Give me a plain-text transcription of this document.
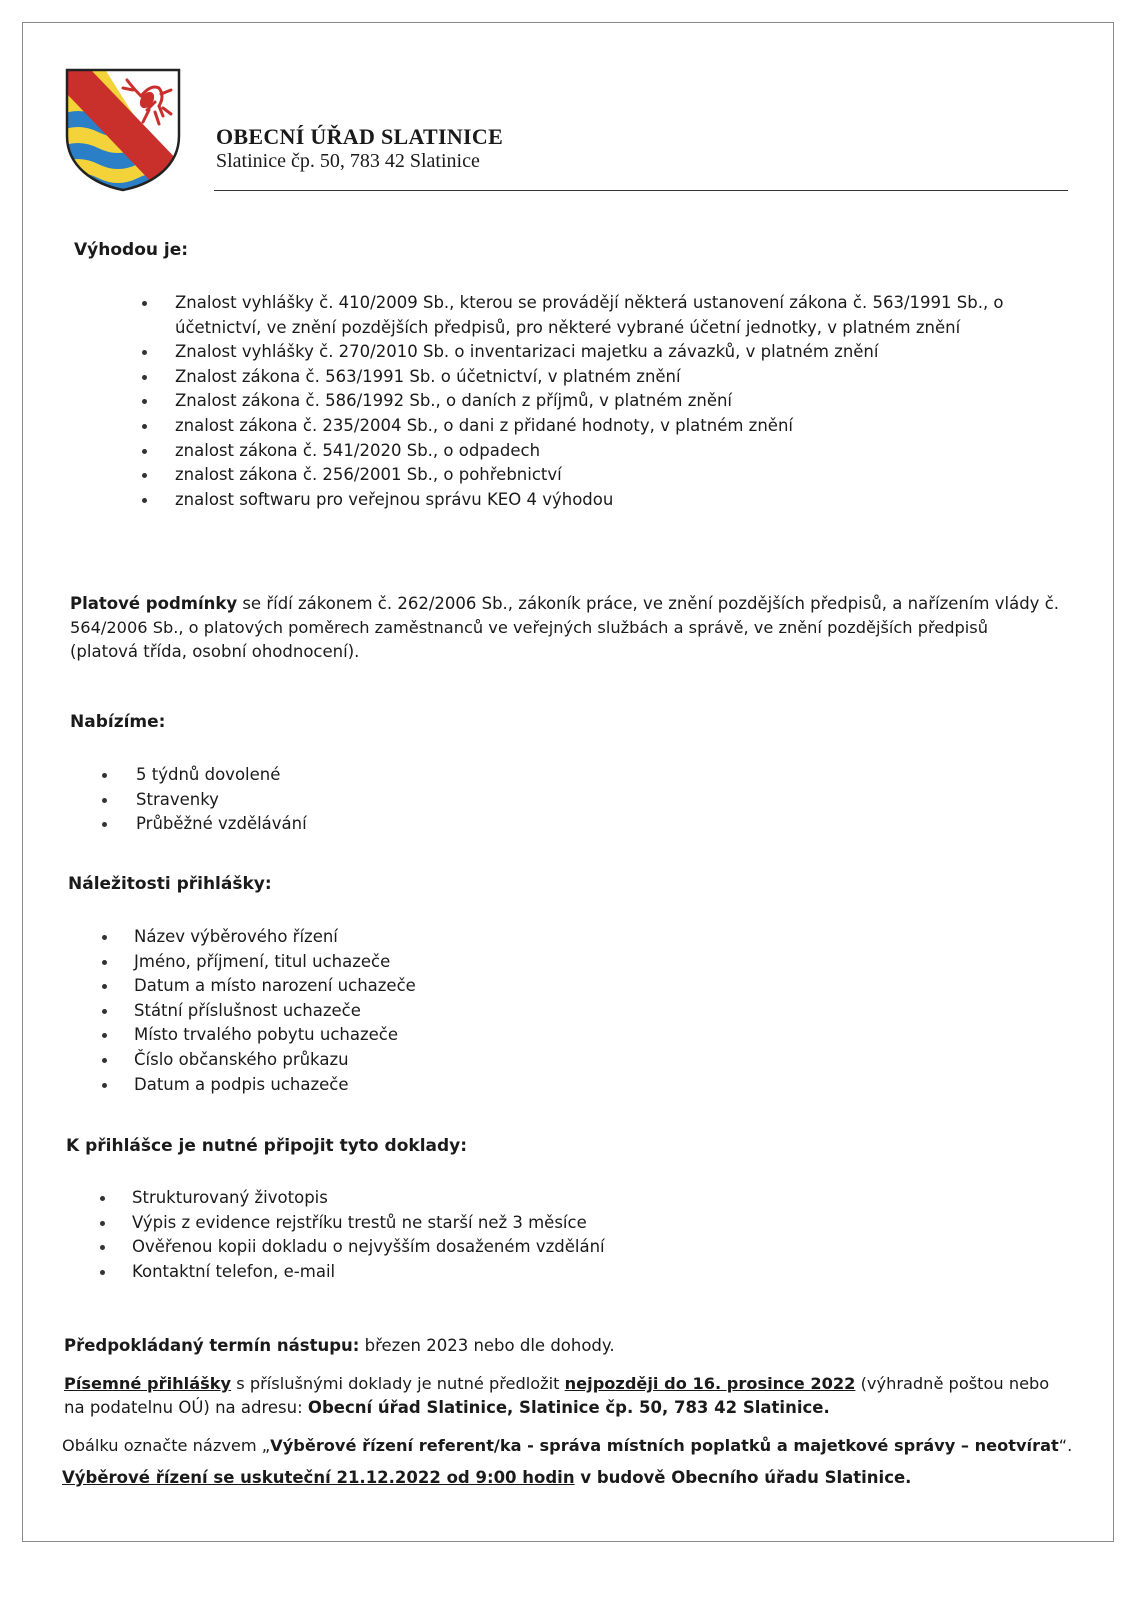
OBECNÍ ÚŘAD SLATINICE
Slatinice čp. 50, 783 42 Slatinice
Výhodou je:
Znalost vyhlášky č. 410/2009 Sb., kterou se provádějí některá ustanovení zákona č. 563/1991 Sb., o
účetnictví, ve znění pozdějších předpisů, pro některé vybrané účetní jednotky, v platném znění
Znalost vyhlášky č. 270/2010 Sb. o inventarizaci majetku a závazků, v platném znění
Znalost zákona č. 563/1991 Sb. o účetnictví, v platném znění
Znalost zákona č. 586/1992 Sb., o daních z příjmů, v platném znění
znalost zákona č. 235/2004 Sb., o dani z přidané hodnoty, v platném znění
znalost zákona č. 541/2020 Sb., o odpadech
znalost zákona č. 256/2001 Sb., o pohřebnictví
znalost softwaru pro veřejnou správu KEO 4 výhodou
Platové podmínky se řídí zákonem č. 262/2006 Sb., zákoník práce, ve znění pozdějších předpisů, a nařízením vlády č.
564/2006 Sb., o platových poměrech zaměstnanců ve veřejných službách a správě, ve znění pozdějších předpisů
(platová třída, osobní ohodnocení).
Nabízíme:
5 týdnů dovolené
Stravenky
Průběžné vzdělávání
Náležitosti přihlášky:
Název výběrového řízení
Jméno, příjmení, titul uchazeče
Datum a místo narození uchazeče
Státní příslušnost uchazeče
Místo trvalého pobytu uchazeče
Číslo občanského průkazu
Datum a podpis uchazeče
K přihlášce je nutné připojit tyto doklady:
Strukturovaný životopis
Výpis z evidence rejstříku trestů ne starší než 3 měsíce
Ověřenou kopii dokladu o nejvyšším dosaženém vzdělání
Kontaktní telefon, e-mail
Předpokládaný termín nástupu: březen 2023 nebo dle dohody.
Písemné přihlášky s příslušnými doklady je nutné předložit nejpozději do 16. prosince 2022 (výhradně poštou nebo
na podatelnu OÚ) na adresu: Obecní úřad Slatinice, Slatinice čp. 50, 783 42 Slatinice.
Obálku označte názvem „Výběrové řízení referent/ka - správa místních poplatků a majetkové správy – neotvírat“.
Výběrové řízení se uskuteční 21.12.2022 od 9:00 hodin v budově Obecního úřadu Slatinice.
